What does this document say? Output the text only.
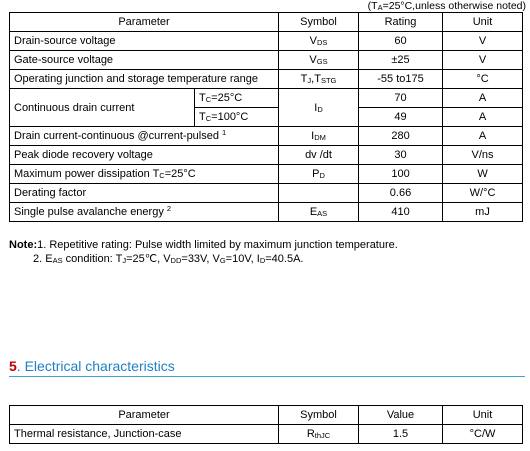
($T_A=25^\circ C,unless$ otherwise noted)
Parameter		Symbol	Rating	Unit
Drain-source voltage		$V_{DS}$	60	V
Gate-source voltage		$V_{GS}$	±25	V
Operating junction and storage temperature range		$T_J,T_{STG}$	-55 to175	°C
Continuous drain current	$T_C=25^\circ C$	$I_D$	70	A
	$T_C=100^\circ C$		49	A
Drain current-continuous @current-pulsed $^1$		$I_{DM}$	280	A
Peak diode recovery voltage		dv /dt	30	V/ns
Maximum power dissipation $T_C=25^\circ C$		$P_D$	100	W
Derating factor			0.66	W/°C
Single pulse avalanche energy $^2$		$E_{AS}$	410	mJ
Note:1. Repetitive rating: Pulse width limited by maximum junction temperature.
2. $E_{AS}$ condition: $T_J=25℃$, $V_{DD}=33V$, $V_G=10V$, $I_D=40.5A$.
5. Electrical characteristics
Parameter	Symbol	Value	Unit
Thermal resistance, Junction-case	$R_{thJC}$	1.5	°C/W
